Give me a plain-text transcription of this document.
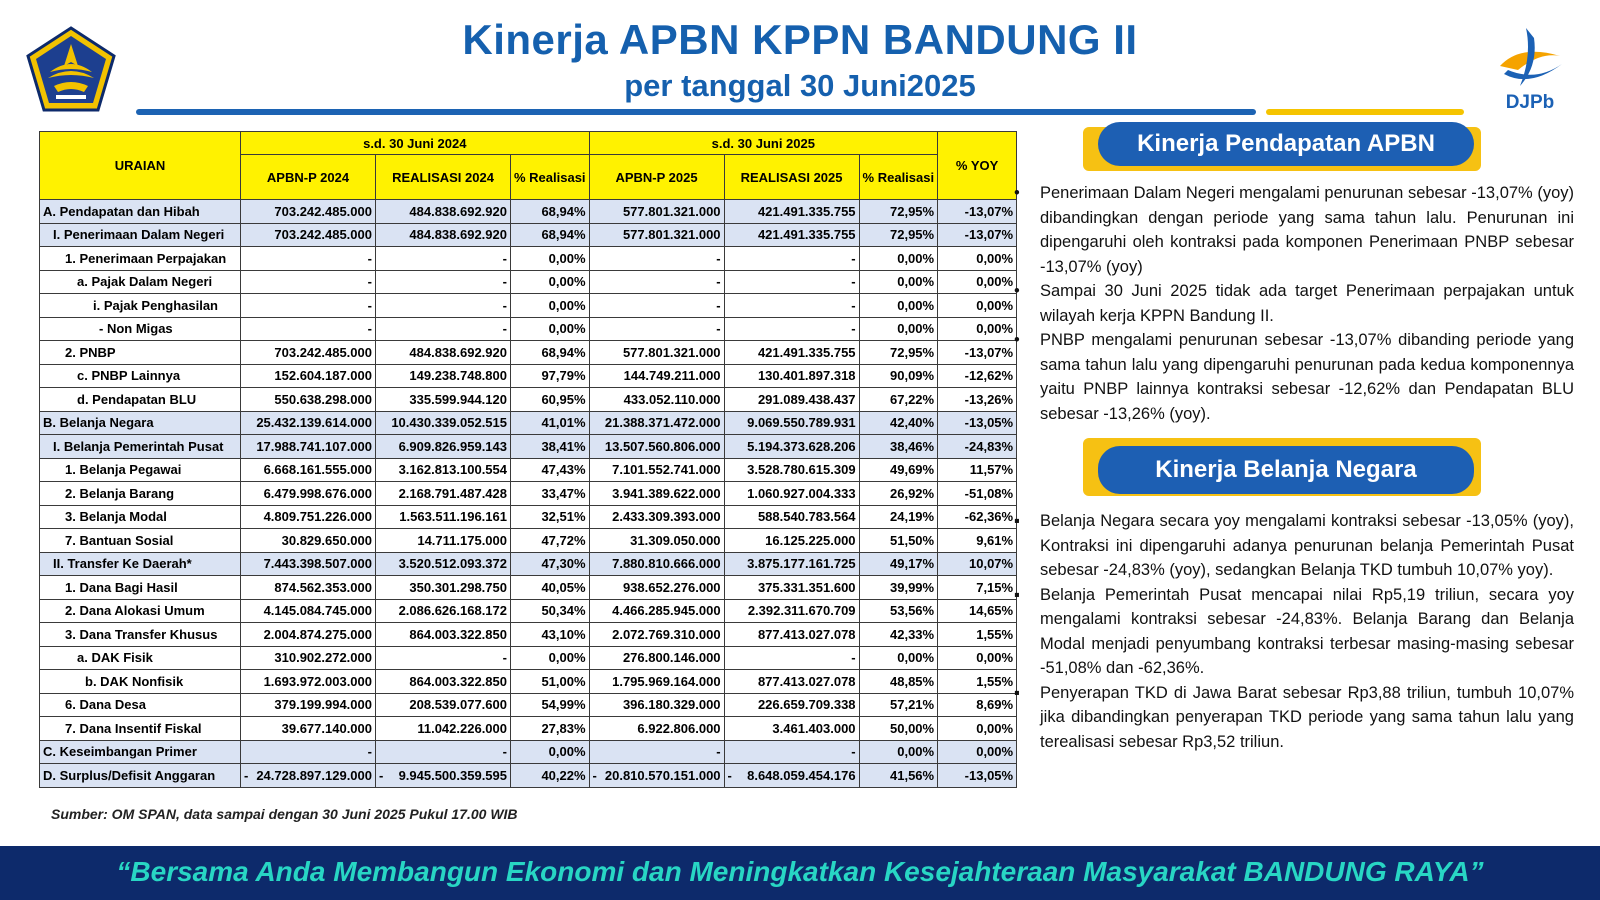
Kinerja APBN KPPN BANDUNG II
per tanggal 30 Juni2025	DJPb
URAIAN	s.d. 30 Juni 2024			s.d. 30 Juni 2025			% YOY
	APBN-P 2024	REALISASI 2024	% Realisasi	APBN-P 2025	REALISASI 2025	% Realisasi	
A. Pendapatan dan Hibah	703.242.485.000	484.838.692.920	68,94%	577.801.321.000	421.491.335.755	72,95%	-13,07%
I. Penerimaan Dalam Negeri	703.242.485.000	484.838.692.920	68,94%	577.801.321.000	421.491.335.755	72,95%	-13,07%
1. Penerimaan Perpajakan	-	-	0,00%	-	-	0,00%	0,00%
a. Pajak Dalam Negeri	-	-	0,00%	-	-	0,00%	0,00%
i. Pajak Penghasilan	-	-	0,00%	-	-	0,00%	0,00%
- Non Migas	-	-	0,00%	-	-	0,00%	0,00%
2. PNBP	703.242.485.000	484.838.692.920	68,94%	577.801.321.000	421.491.335.755	72,95%	-13,07%
c. PNBP Lainnya	152.604.187.000	149.238.748.800	97,79%	144.749.211.000	130.401.897.318	90,09%	-12,62%
d. Pendapatan BLU	550.638.298.000	335.599.944.120	60,95%	433.052.110.000	291.089.438.437	67,22%	-13,26%
B. Belanja Negara	25.432.139.614.000	10.430.339.052.515	41,01%	21.388.371.472.000	9.069.550.789.931	42,40%	-13,05%
I. Belanja Pemerintah Pusat	17.988.741.107.000	6.909.826.959.143	38,41%	13.507.560.806.000	5.194.373.628.206	38,46%	-24,83%
1. Belanja Pegawai	6.668.161.555.000	3.162.813.100.554	47,43%	7.101.552.741.000	3.528.780.615.309	49,69%	11,57%
2. Belanja Barang	6.479.998.676.000	2.168.791.487.428	33,47%	3.941.389.622.000	1.060.927.004.333	26,92%	-51,08%
3. Belanja Modal	4.809.751.226.000	1.563.511.196.161	32,51%	2.433.309.393.000	588.540.783.564	24,19%	-62,36%
7. Bantuan Sosial	30.829.650.000	14.711.175.000	47,72%	31.309.050.000	16.125.225.000	51,50%	9,61%
II. Transfer Ke Daerah*	7.443.398.507.000	3.520.512.093.372	47,30%	7.880.810.666.000	3.875.177.161.725	49,17%	10,07%
1. Dana Bagi Hasil	874.562.353.000	350.301.298.750	40,05%	938.652.276.000	375.331.351.600	39,99%	7,15%
2. Dana Alokasi Umum	4.145.084.745.000	2.086.626.168.172	50,34%	4.466.285.945.000	2.392.311.670.709	53,56%	14,65%
3. Dana Transfer Khusus	2.004.874.275.000	864.003.322.850	43,10%	2.072.769.310.000	877.413.027.078	42,33%	1,55%
a. DAK Fisik	310.902.272.000	-	0,00%	276.800.146.000	-	0,00%	0,00%
b. DAK Nonfisik	1.693.972.003.000	864.003.322.850	51,00%	1.795.969.164.000	877.413.027.078	48,85%	1,55%
6. Dana Desa	379.199.994.000	208.539.077.600	54,99%	396.180.329.000	226.659.709.338	57,21%	8,69%
7. Dana Insentif Fiskal	39.677.140.000	11.042.226.000	27,83%	6.922.806.000	3.461.403.000	50,00%	0,00%
C. Keseimbangan Primer	-	-	0,00%	-	-	0,00%	0,00%
D. Surplus/Defisit Anggaran	- 24.728.897.129.000	- 9.945.500.359.595	40,22%	- 20.810.570.151.000	- 8.648.059.454.176	41,56%	-13,05%
Sumber: OM SPAN, data sampai dengan 30 Juni 2025 Pukul 17.00 WIB
Kinerja Pendapatan APBN
• Penerimaan Dalam Negeri mengalami penurunan sebesar -13,07% (yoy) dibandingkan dengan periode yang sama tahun lalu. Penurunan ini dipengaruhi oleh kontraksi pada komponen Penerimaan PNBP sebesar -13,07% (yoy)
• Sampai 30 Juni 2025 tidak ada target Penerimaan perpajakan untuk wilayah kerja KPPN Bandung II.
• PNBP mengalami penurunan sebesar -13,07% dibanding periode yang sama tahun lalu yang dipengaruhi penurunan pada kedua komponennya yaitu PNBP lainnya kontraksi sebesar -12,62% dan Pendapatan BLU sebesar -13,26% (yoy).
Kinerja Belanja Negara
▪ Belanja Negara secara yoy mengalami kontraksi sebesar -13,05% (yoy), Kontraksi ini dipengaruhi adanya penurunan belanja Pemerintah Pusat sebesar -24,83% (yoy), sedangkan Belanja TKD tumbuh 10,07% yoy).
▪ Belanja Pemerintah Pusat mencapai nilai Rp5,19 triliun, secara yoy mengalami kontraksi sebesar -24,83%. Belanja Barang dan Belanja Modal menjadi penyumbang kontraksi terbesar masing-masing sebesar -51,08% dan -62,36%.
▪ Penyerapan TKD di Jawa Barat sebesar Rp3,88 triliun, tumbuh 10,07% jika dibandingkan penyerapan TKD periode yang sama tahun lalu yang terealisasi sebesar Rp3,52 triliun.
“Bersama Anda Membangun Ekonomi dan Meningkatkan Kesejahteraan Masyarakat BANDUNG RAYA”
